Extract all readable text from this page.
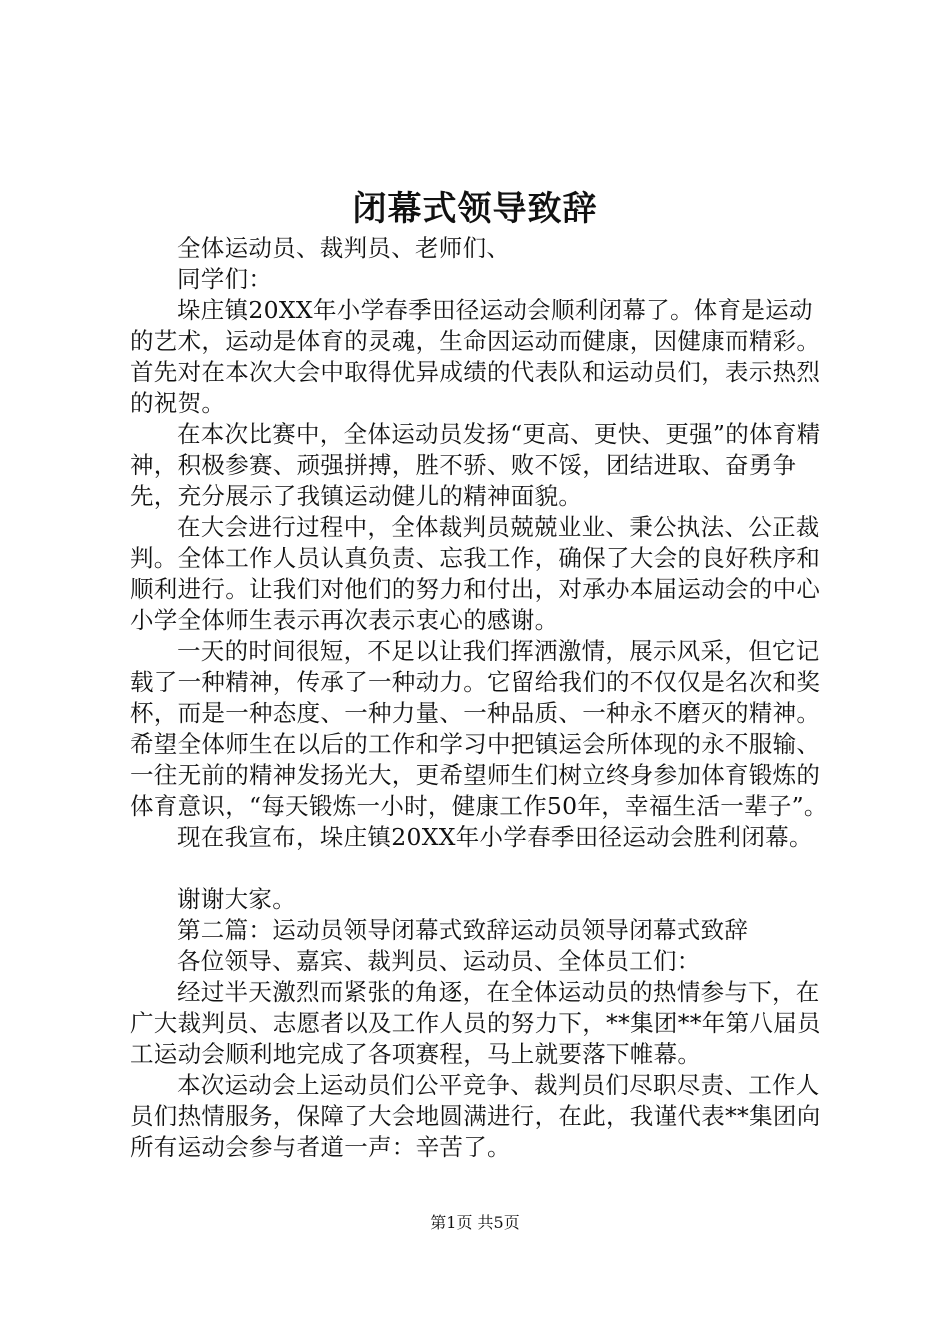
闭幕式领导致辞

全体运动员、裁判员、老师们、

同学们：

垛庄镇20XX年小学春季田径运动会顺利闭幕了。体育是运动的艺术，运动是体育的灵魂，生命因运动而健康，因健康而精彩。首先对在本次大会中取得优异成绩的代表队和运动员们，表示热烈的祝贺。

在本次比赛中，全体运动员发扬“更高、更快、更强”的体育精神，积极参赛、顽强拼搏，胜不骄、败不馁，团结进取、奋勇争先，充分展示了我镇运动健儿的精神面貌。

在大会进行过程中，全体裁判员兢兢业业、秉公执法、公正裁判。全体工作人员认真负责、忘我工作，确保了大会的良好秩序和顺利进行。让我们对他们的努力和付出，对承办本届运动会的中心小学全体师生表示再次表示衷心的感谢。

一天的时间很短，不足以让我们挥洒激情，展示风采，但它记载了一种精神，传承了一种动力。它留给我们的不仅仅是名次和奖杯，而是一种态度、一种力量、一种品质、一种永不磨灭的精神。希望全体师生在以后的工作和学习中把镇运会所体现的永不服输、一往无前的精神发扬光大，更希望师生们树立终身参加体育锻炼的体育意识，“每天锻炼一小时，健康工作50年，幸福生活一辈子”。

现在我宣布，垛庄镇20XX年小学春季田径运动会胜利闭幕。

谢谢大家。

第二篇：运动员领导闭幕式致辞运动员领导闭幕式致辞

各位领导、嘉宾、裁判员、运动员、全体员工们：

经过半天激烈而紧张的角逐，在全体运动员的热情参与下，在广大裁判员、志愿者以及工作人员的努力下，**集团**年第八届员工运动会顺利地完成了各项赛程，马上就要落下帷幕。

本次运动会上运动员们公平竞争、裁判员们尽职尽责、工作人员们热情服务，保障了大会地圆满进行，在此，我谨代表**集团向所有运动会参与者道一声：辛苦了。

第1页 共5页
